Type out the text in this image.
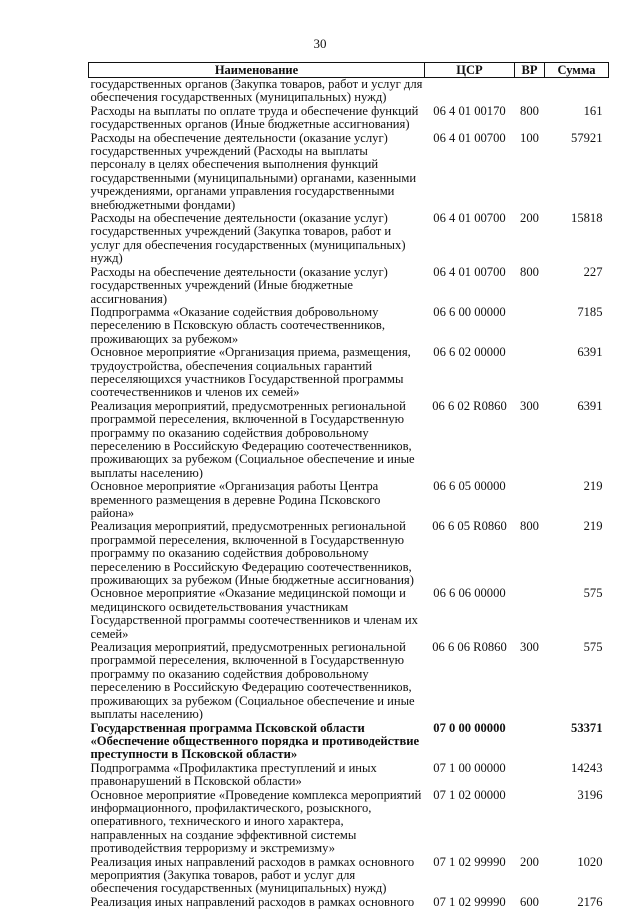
30
Наименование	ЦСР	ВР	Сумма
государственных органов (Закупка товаров, работ и услуг для обеспечения государственных (муниципальных) нужд)			
Расходы на выплаты по оплате труда и обеспечение функций государственных органов (Иные бюджетные ассигнования)	06 4 01 00170	800	161
Расходы на обеспечение деятельности (оказание услуг) государственных учреждений (Расходы на выплаты персоналу в целях обеспечения выполнения функций государственными (муниципальными) органами, казенными учреждениями, органами управления государственными внебюджетными фондами)	06 4 01 00700	100	57921
Расходы на обеспечение деятельности (оказание услуг) государственных учреждений (Закупка товаров, работ и услуг для обеспечения государственных (муниципальных) нужд)	06 4 01 00700	200	15818
Расходы на обеспечение деятельности (оказание услуг) государственных учреждений (Иные бюджетные ассигнования)	06 4 01 00700	800	227
Подпрограмма «Оказание содействия добровольному переселению в Псковскую область соотечественников, проживающих за рубежом»	06 6 00 00000		7185
Основное мероприятие «Организация приема, размещения, трудоустройства, обеспечения социальных гарантий переселяющихся участников Государственной программы соотечественников и членов их семей»	06 6 02 00000		6391
Реализация мероприятий, предусмотренных региональной программой переселения, включенной в Государственную программу по оказанию содействия добровольному переселению в Российскую Федерацию соотечественников, проживающих за рубежом (Социальное обеспечение и иные выплаты населению)	06 6 02 R0860	300	6391
Основное мероприятие «Организация работы Центра временного размещения в деревне Родина Псковского района»	06 6 05 00000		219
Реализация мероприятий, предусмотренных региональной программой переселения, включенной в Государственную программу по оказанию содействия добровольному переселению в Российскую Федерацию соотечественников, проживающих за рубежом (Иные бюджетные ассигнования)	06 6 05 R0860	800	219
Основное мероприятие «Оказание медицинской помощи и медицинского освидетельствования участникам Государственной программы соотечественников и членам их семей»	06 6 06 00000		575
Реализация мероприятий, предусмотренных региональной программой переселения, включенной в Государственную программу по оказанию содействия добровольному переселению в Российскую Федерацию соотечественников, проживающих за рубежом (Социальное обеспечение и иные выплаты населению)	06 6 06 R0860	300	575
Государственная программа Псковской области «Обеспечение общественного порядка и противодействие преступности в Псковской области»	07 0 00 00000		53371
Подпрограмма «Профилактика преступлений и иных правонарушений в Псковской области»	07 1 00 00000		14243
Основное мероприятие «Проведение комплекса мероприятий информационного, профилактического, розыскного, оперативного, технического и иного характера, направленных на создание эффективной системы противодействия терроризму и экстремизму»	07 1 02 00000		3196
Реализация иных направлений расходов в рамках основного мероприятия (Закупка товаров, работ и услуг для обеспечения государственных (муниципальных) нужд)	07 1 02 99990	200	1020
Реализация иных направлений расходов в рамках основного	07 1 02 99990	600	2176
